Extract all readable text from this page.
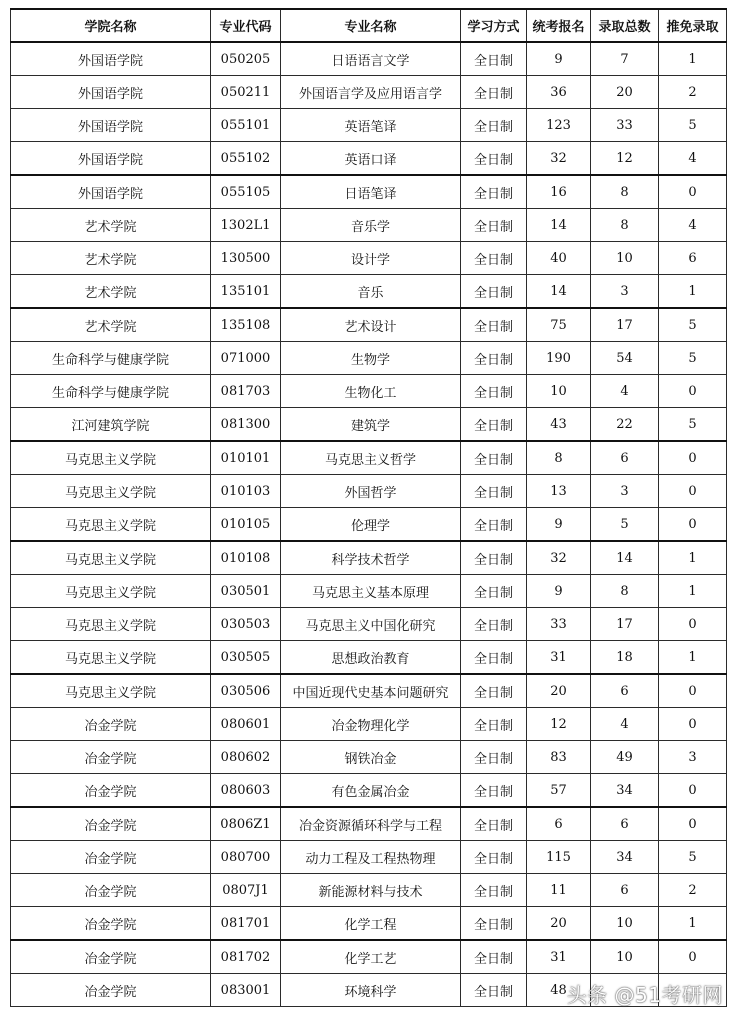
学院名称	专业代码	专业名称	学习方式	统考报名	录取总数	推免录取
外国语学院	050205	日语语言文学	全日制	9	7	1
外国语学院	050211	外国语言学及应用语言学	全日制	36	20	2
外国语学院	055101	英语笔译	全日制	123	33	5
外国语学院	055102	英语口译	全日制	32	12	4
外国语学院	055105	日语笔译	全日制	16	8	0
艺术学院	1302L1	音乐学	全日制	14	8	4
艺术学院	130500	设计学	全日制	40	10	6
艺术学院	135101	音乐	全日制	14	3	1
艺术学院	135108	艺术设计	全日制	75	17	5
生命科学与健康学院	071000	生物学	全日制	190	54	5
生命科学与健康学院	081703	生物化工	全日制	10	4	0
江河建筑学院	081300	建筑学	全日制	43	22	5
马克思主义学院	010101	马克思主义哲学	全日制	8	6	0
马克思主义学院	010103	外国哲学	全日制	13	3	0
马克思主义学院	010105	伦理学	全日制	9	5	0
马克思主义学院	010108	科学技术哲学	全日制	32	14	1
马克思主义学院	030501	马克思主义基本原理	全日制	9	8	1
马克思主义学院	030503	马克思主义中国化研究	全日制	33	17	0
马克思主义学院	030505	思想政治教育	全日制	31	18	1
马克思主义学院	030506	中国近现代史基本问题研究	全日制	20	6	0
冶金学院	080601	冶金物理化学	全日制	12	4	0
冶金学院	080602	钢铁冶金	全日制	83	49	3
冶金学院	080603	有色金属冶金	全日制	57	34	0
冶金学院	0806Z1	冶金资源循环科学与工程	全日制	6	6	0
冶金学院	080700	动力工程及工程热物理	全日制	115	34	5
冶金学院	0807J1	新能源材料与技术	全日制	11	6	2
冶金学院	081701	化学工程	全日制	20	10	1
冶金学院	081702	化学工艺	全日制	31	10	0
冶金学院	083001	环境科学	全日制	48		头条 @51考研网
